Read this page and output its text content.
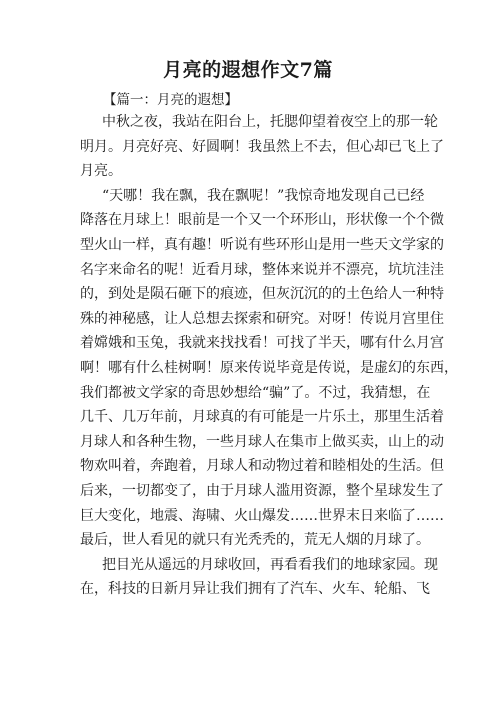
月亮的遐想作文7篇

【篇一：月亮的遐想】

中秋之夜，我站在阳台上，托腮仰望着夜空上的那一轮
明月。月亮好亮、好圆啊！我虽然上不去，但心却已飞上了
月亮。
“天哪！我在飘，我在飘呢！”我惊奇地发现自己已经
降落在月球上！眼前是一个又一个环形山，形状像一个个微
型火山一样，真有趣！听说有些环形山是用一些天文学家的
名字来命名的呢！近看月球，整体来说并不漂亮，坑坑洼洼
的，到处是陨石砸下的痕迹，但灰沉沉的的土色给人一种特
殊的神秘感，让人总想去探索和研究。对呀！传说月宫里住
着嫦娥和玉兔，我就来找找看！可找了半天，哪有什么月宫
啊！哪有什么桂树啊！原来传说毕竟是传说，是虚幻的东西，
我们都被文学家的奇思妙想给“骗”了。不过，我猜想，在
几千、几万年前，月球真的有可能是一片乐土，那里生活着
月球人和各种生物，一些月球人在集市上做买卖，山上的动
物欢叫着，奔跑着，月球人和动物过着和睦相处的生活。但
后来，一切都变了，由于月球人滥用资源，整个星球发生了
巨大变化，地震、海啸、火山爆发……世界末日来临了……
最后，世人看见的就只有光秃秃的，荒无人烟的月球了。
把目光从遥远的月球收回，再看看我们的地球家园。现
在，科技的日新月异让我们拥有了汽车、火车、轮船、飞
